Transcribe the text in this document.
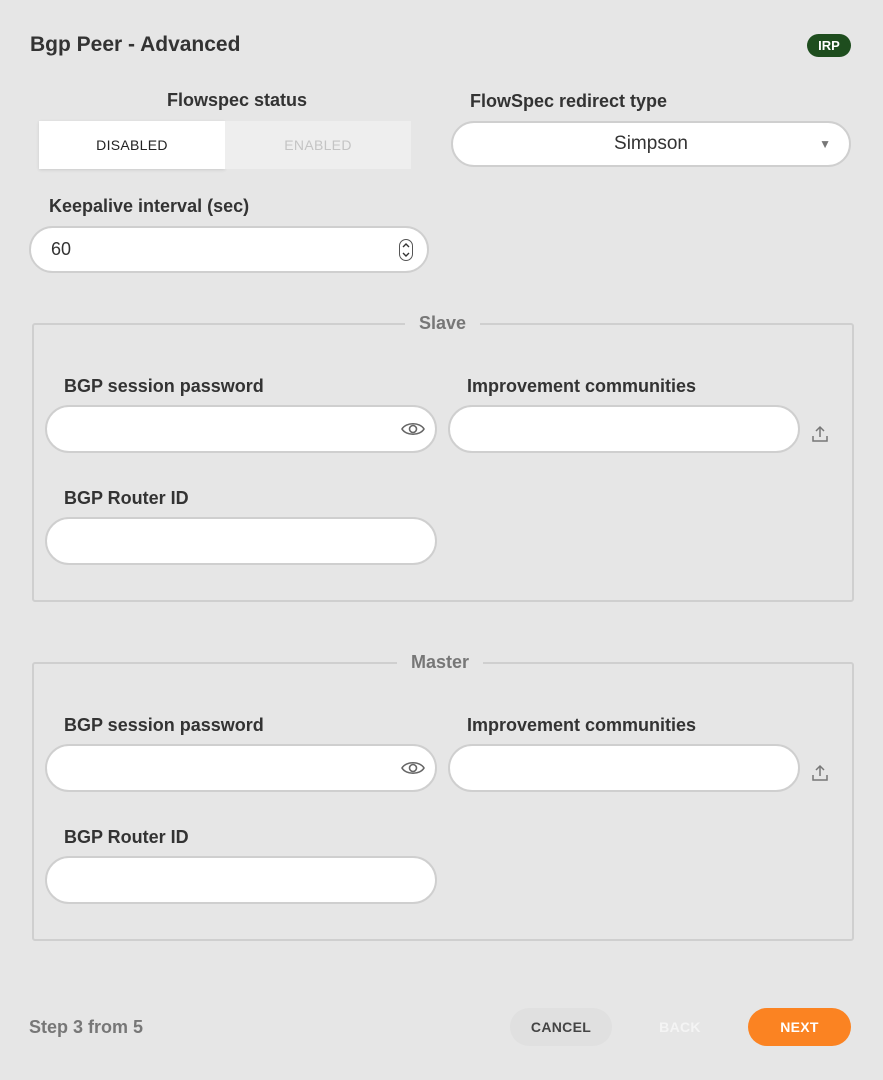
Bgp Peer - Advanced	IRP
Flowspec status
DISABLED	ENABLED
FlowSpec redirect type
Simpson	▼
Keepalive interval (sec)
60
Slave
BGP session password	Improvement communities
BGP Router ID
Master
BGP session password	Improvement communities
BGP Router ID
Step 3 from 5	CANCEL	BACK	NEXT
